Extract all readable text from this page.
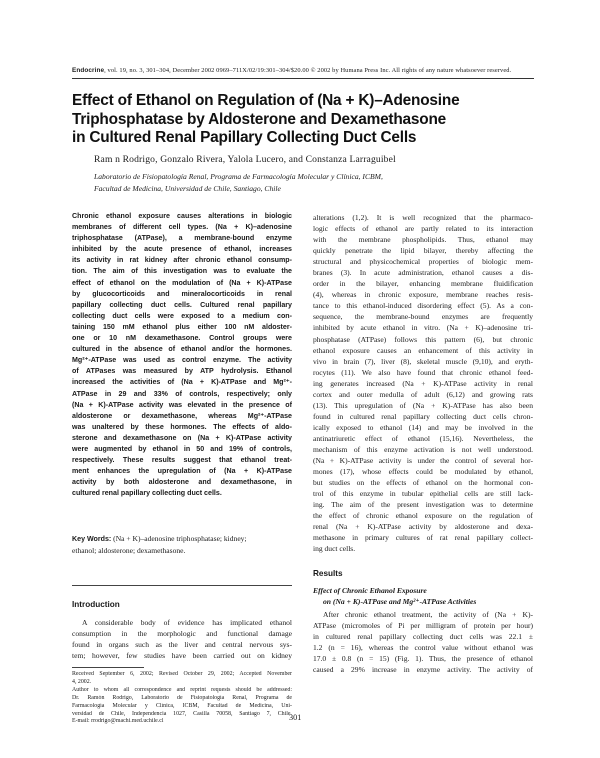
Endocrine, vol. 19, no. 3, 301–304, December 2002 0969–711X/02/19:301–304/$20.00 © 2002 by Humana Press Inc. All rights of any nature whatsoever reserved.
Effect of Ethanol on Regulation of (Na + K)–Adenosine
Triphosphatase by Aldosterone and Dexamethasone
in Cultured Renal Papillary Collecting Duct Cells
Ram n Rodrigo, Gonzalo Rivera, Yalola Lucero, and Constanza Larraguibel
Laboratorio de Fisiopatología Renal, Programa de Farmacología Molecular y Clínica, ICBM,
Facultad de Medicina, Universidad de Chile, Santiago, Chile
Chronic ethanol exposure causes alterations in biologic
membranes of different cell types. (Na + K)–adenosine
triphosphatase (ATPase), a membrane-bound enzyme
inhibited by the acute presence of ethanol, increases
its activity in rat kidney after chronic ethanol consump-
tion. The aim of this investigation was to evaluate the
effect of ethanol on the modulation of (Na + K)-ATPase
by glucocorticoids and mineralocorticoids in renal
papillary collecting duct cells. Cultured renal papillary
collecting duct cells were exposed to a medium con-
taining 150 mM ethanol plus either 100 nM aldoster-
one or 10 nM dexamethasone. Control groups were
cultured in the absence of ethanol and/or the hormones.
Mg²⁺-ATPase was used as control enzyme. The activity
of ATPases was measured by ATP hydrolysis. Ethanol
increased the activities of (Na + K)-ATPase and Mg²⁺-
ATPase in 29 and 33% of controls, respectively; only
(Na + K)-ATPase activity was elevated in the presence of
aldosterone or dexamethasone, whereas Mg²⁺-ATPase
was unaltered by these hormones. The effects of aldo-
sterone and dexamethasone on (Na + K)-ATPase activity
were augmented by ethanol in 50 and 19% of controls,
respectively. These results suggest that ethanol treat-
ment enhances the upregulation of (Na + K)-ATPase
activity by both aldosterone and dexamethasone, in
cultured renal papillary collecting duct cells.
Key Words: (Na + K)–adenosine triphosphatase; kidney;
ethanol; aldosterone; dexamethasone.
Introduction
A considerable body of evidence has implicated ethanol
consumption in the morphologic and functional damage
found in organs such as the liver and central nervous sys-
tem; however, few studies have been carried out on kidney
Received September 6, 2002; Revised October 29, 2002; Accepted November
4, 2002.
Author to whom all correspondence and reprint requests should be addressed:
Dr. Ramón Rodrigo, Laboratorio de Fisiopatología Renal, Programa de
Farmacología Molecular y Clínica, ICBM, Facultad de Medicina, Uni-
versidad de Chile, Independencia 1027, Casilla 70058, Santiago 7, Chile.
E-mail: rrodrigo@machi.med.uchile.cl
alterations (1,2). It is well recognized that the pharmaco-
logic effects of ethanol are partly related to its interaction
with the membrane phospholipids. Thus, ethanol may
quickly penetrate the lipid bilayer, thereby affecting the
structural and physicochemical properties of biologic mem-
branes (3). In acute administration, ethanol causes a dis-
order in the bilayer, enhancing membrane fluidification
(4), whereas in chronic exposure, membrane reaches resis-
tance to this ethanol-induced disordering effect (5). As a con-
sequence, the membrane-bound enzymes are frequently
inhibited by acute ethanol in vitro. (Na + K)–adenosine tri-
phosphatase (ATPase) follows this pattern (6), but chronic
ethanol exposure causes an enhancement of this activity in
vivo in brain (7), liver (8), skeletal muscle (9,10), and eryth-
rocytes (11). We also have found that chronic ethanol feed-
ing generates increased (Na + K)-ATPase activity in renal
cortex and outer medulla of adult (6,12) and growing rats
(13). This upregulation of (Na + K)-ATPase has also been
found in cultured renal papillary collecting duct cells chron-
ically exposed to ethanol (14) and may be involved in the
antinatriuretic effect of ethanol (15,16). Nevertheless, the
mechanism of this enzyme activation is not well understood.
(Na + K)-ATPase activity is under the control of several hor-
mones (17), whose effects could be modulated by ethanol,
but studies on the effects of ethanol on the hormonal con-
trol of this enzyme in tubular epithelial cells are still lack-
ing. The aim of the present investigation was to determine
the effect of chronic ethanol exposure on the regulation of
renal (Na + K)-ATPase activity by aldosterone and dexa-
methasone in primary cultures of rat renal papillary collect-
ing duct cells.
Results
Effect of Chronic Ethanol Exposure
on (Na + K)-ATPase and Mg²⁺-ATPase Activities
After chronic ethanol treatment, the activity of (Na + K)-
ATPase (micromoles of Pi per milligram of protein per hour)
in cultured renal papillary collecting duct cells was 22.1 ±
1.2 (n = 16), whereas the control value without ethanol was
17.0 ± 0.8 (n = 15) (Fig. 1). Thus, the presence of ethanol
caused a 29% increase in enzyme activity. The activity of
301
